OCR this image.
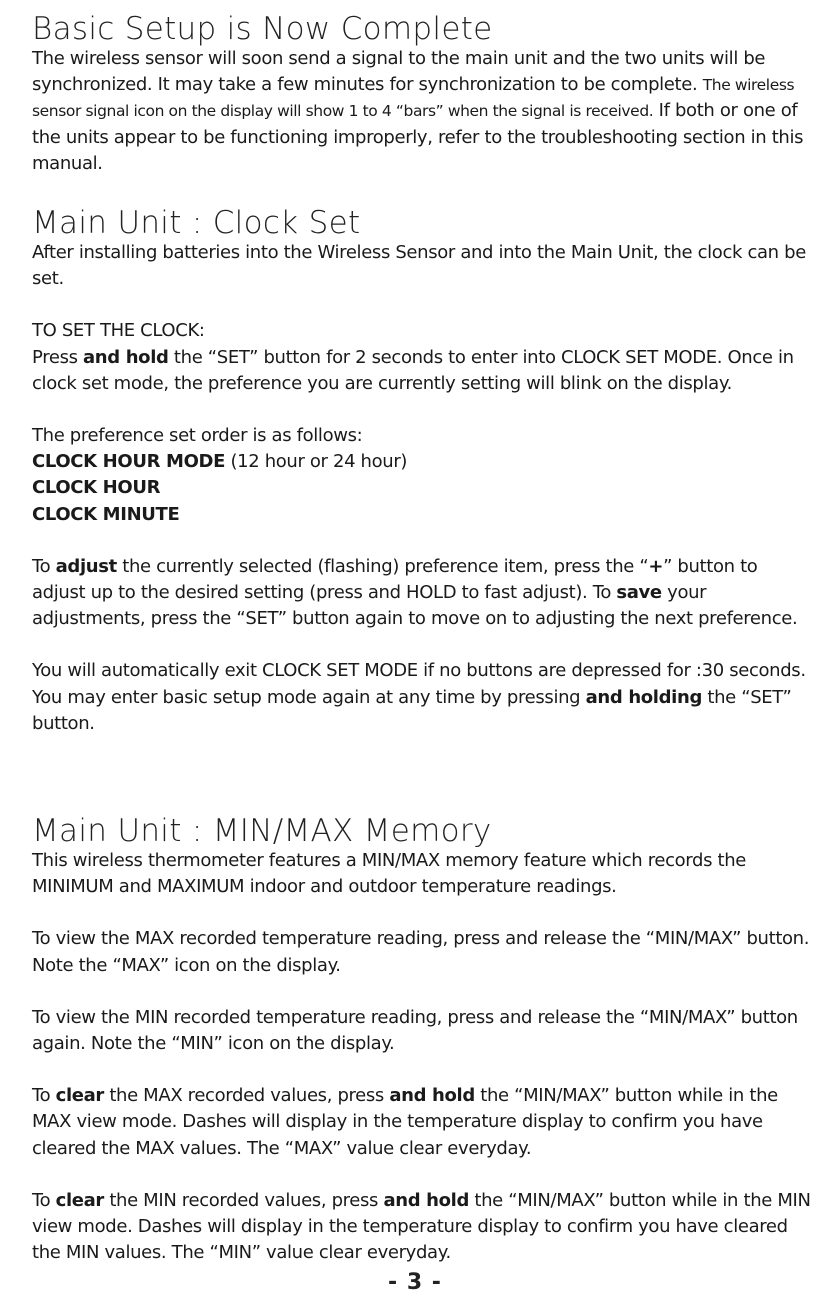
Basic Setup is Now Complete

The wireless sensor will soon send a signal to the main unit and the two units will be synchronized. It may take a few minutes for synchronization to be complete. The wireless sensor signal icon on the display will show 1 to 4 “bars” when the signal is received. If both or one of the units appear to be functioning improperly, refer to the troubleshooting section in this manual.

Main Unit : Clock Set

After installing batteries into the Wireless Sensor and into the Main Unit, the clock can be set.

TO SET THE CLOCK:

Press and hold the “SET” button for 2 seconds to enter into CLOCK SET MODE. Once in clock set mode, the preference you are currently setting will blink on the display.

The preference set order is as follows:

CLOCK HOUR MODE (12 hour or 24 hour)

CLOCK HOUR

CLOCK MINUTE

To adjust the currently selected (flashing) preference item, press the “+” button to adjust up to the desired setting (press and HOLD to fast adjust). To save your adjustments, press the “SET” button again to move on to adjusting the next preference.

You will automatically exit CLOCK SET MODE if no buttons are depressed for :30 seconds. You may enter basic setup mode again at any time by pressing and holding the “SET” button.

Main Unit : MIN/MAX Memory

This wireless thermometer features a MIN/MAX memory feature which records the MINIMUM and MAXIMUM indoor and outdoor temperature readings.

To view the MAX recorded temperature reading, press and release the “MIN/MAX” button. Note the “MAX” icon on the display.

To view the MIN recorded temperature reading, press and release the “MIN/MAX” button again. Note the “MIN” icon on the display.

To clear the MAX recorded values, press and hold the “MIN/MAX” button while in the MAX view mode. Dashes will display in the temperature display to confirm you have cleared the MAX values. The “MAX” value clear everyday.

To clear the MIN recorded values, press and hold the “MIN/MAX” button while in the MIN view mode. Dashes will display in the temperature display to confirm you have cleared the MIN values. The “MIN” value clear everyday.

- 3 -
